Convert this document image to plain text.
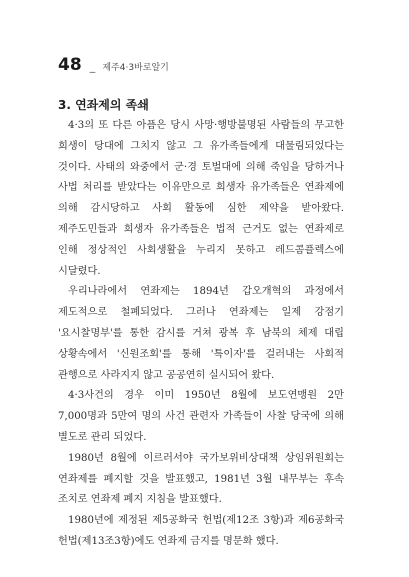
48 _ 제주4·3바로알기
3. 연좌제의 족쇄

4·3의 또 다른 아픔은 당시 사망·행방불명된 사람들의 무고한 희생이 당대에 그치지 않고 그 유가족들에게 대물림되었다는 것이다. 사태의 와중에서 군·경 토벌대에 의해 죽임을 당하거나 사법 처리를 받았다는 이유만으로 희생자 유가족들은 연좌제에 의해 감시당하고 사회 활동에 심한 제약을 받아왔다. 제주도민들과 희생자 유가족들은 법적 근거도 없는 연좌제로 인해 정상적인 사회생활을 누리지 못하고 레드콤플렉스에 시달렸다.

우리나라에서 연좌제는 1894년 갑오개혁의 과정에서 제도적으로 철폐되었다. 그러나 연좌제는 일제 강점기 '요시찰명부'를 통한 감시를 거쳐 광복 후 남북의 체제 대립 상황속에서 '신원조회'를 통해 '특이자'를 걸러내는 사회적 관행으로 사라지지 않고 공공연히 실시되어 왔다.

4·3사건의 경우 이미 1950년 8월에 보도연맹원 2만 7,000명과 5만여 명의 사건 관련자 가족들이 사찰 당국에 의해 별도로 관리 되었다.

1980년 8월에 이르러서야 국가보위비상대책 상임위원회는 연좌제를 폐지할 것을 발표했고, 1981년 3월 내무부는 후속 조치로 연좌제 폐지 지침을 발표했다.

1980년에 제정된 제5공화국 헌법(제12조 3항)과 제6공화국 헌법(제13조3항)에도 연좌제 금지를 명문화 했다.
